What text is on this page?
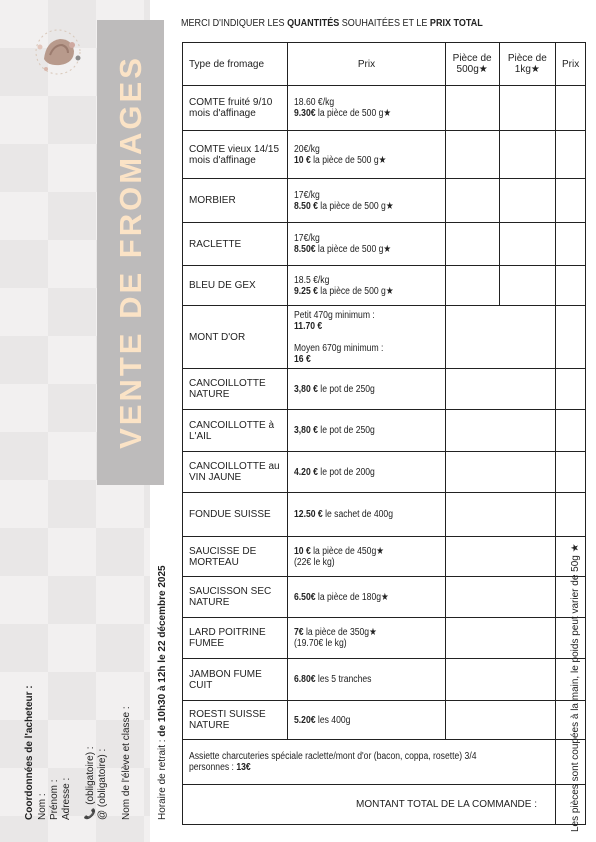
VENTE DE FROMAGES
Coordonnées de l'acheteur : Nom : Prénom : Adresse : 📞 (obligatoire) : @ (obligatoire) : Nom de l'élève et classe :	Horaire de retrait : de 10h30 à 12h le 22 décembre 2025	Les pièces sont coupées à la main, le poids peut varier de 50g ★
MERCI D'INDIQUER LES QUANTITÉS SOUHAITÉES ET LE PRIX TOTAL
Type de fromage	Prix	Pièce de 500g★	Pièce de 1kg★	Prix
COMTE fruité 9/10 mois d'affinage	18.60 €/kg
9.30€ la pièce de 500 g★			
COMTE vieux 14/15 mois d'affinage	20€/kg
10 € la pièce de 500 g★			
MORBIER	17€/kg
8.50 € la pièce de 500 g★			
RACLETTE	17€/kg
8.50€ la pièce de 500 g★			
BLEU DE GEX	18.5 €/kg
9.25 € la pièce de 500 g★			
MONT D'OR	Petit 470g minimum :
11.70 €

Moyen 670g minimum :
16 €			
CANCOILLOTTE NATURE	3,80 € le pot de 250g			
CANCOILLOTTE à L'AIL	3,80 € le pot de 250g			
CANCOILLOTTE au VIN JAUNE	4.20 € le pot de 200g			
FONDUE SUISSE	12.50 € le sachet de 400g			
SAUCISSE DE MORTEAU	10 € la pièce de 450g★
(22€ le kg)			
SAUCISSON SEC NATURE	6.50€ la pièce de 180g★			
LARD POITRINE FUMEE	7€ la pièce de 350g★
(19.70€ le kg)			
JAMBON FUME CUIT	6.80€ les 5 tranches			
ROESTI SUISSE NATURE	5.20€ les 400g			
Assiette charcuteries spéciale raclette/mont d'or (bacon, coppa, rosette) 3/4 personnes : 13€				
MONTANT TOTAL DE LA COMMANDE :				
